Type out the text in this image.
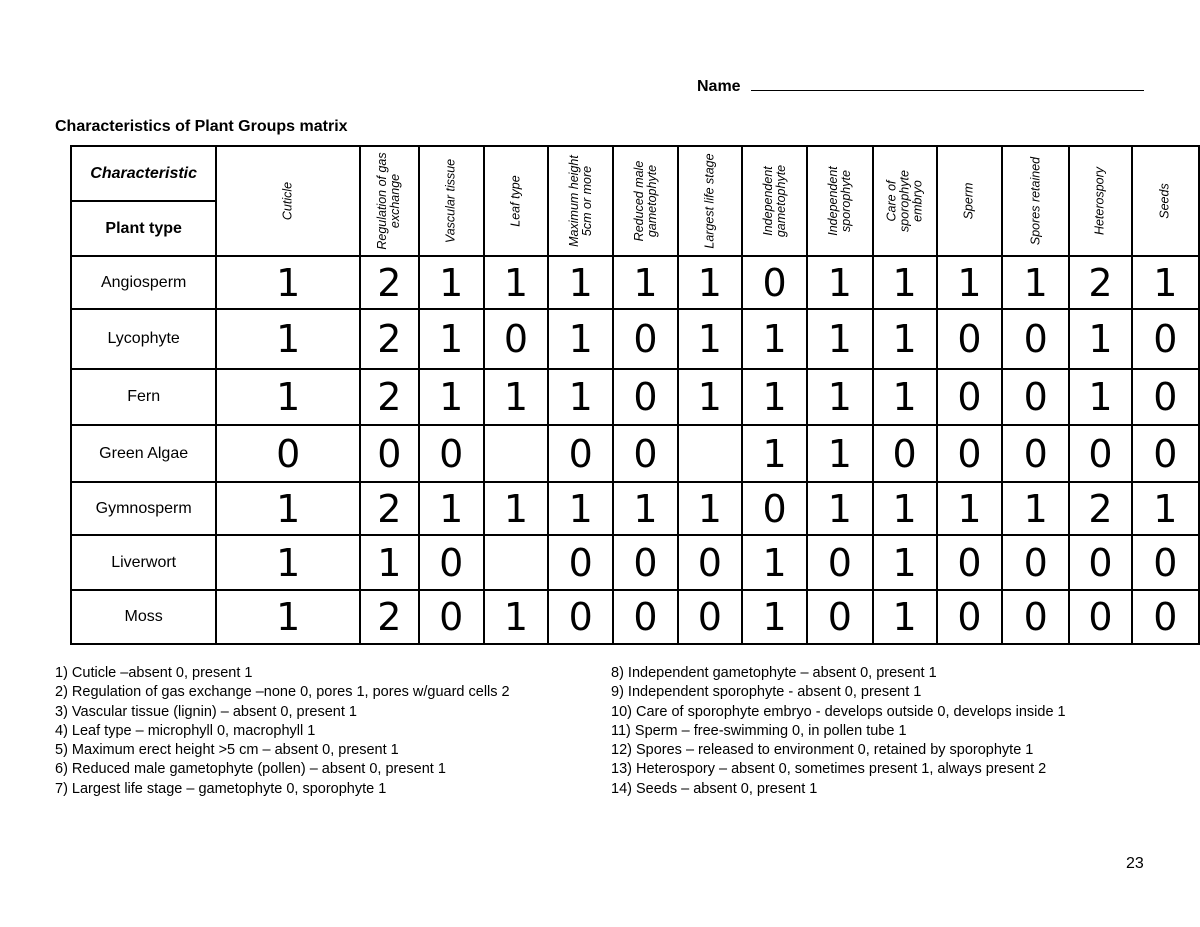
Name
Characteristics of Plant Groups matrix
Characteristic	Cuticle	Regulation of gas exchange	Vascular tissue	Leaf type	Maximum height 5cm or more	Reduced male gametophyte	Largest life stage	Independent gametophyte	Independent sporophyte	Care of sporophyte embryo	Sperm	Spores retained	Heterospory	Seeds

Plant type														
Angiosperm	1	2	1	1	1	1	1	0	1	1	1	1	2	1
Lycophyte	1	2	1	0	1	0	1	1	1	1	0	0	1	0
Fern	1	2	1	1	1	0	1	1	1	1	0	0	1	0
Green Algae	0	0	0		0	0		1	1	0	0	0	0	0
Gymnosperm	1	2	1	1	1	1	1	0	1	1	1	1	2	1
Liverwort	1	1	0		0	0	0	1	0	1	0	0	0	0
Moss	1	2	0	1	0	0	0	1	0	1	0	0	0	0
1) Cuticle –absent 0, present 1
2) Regulation of gas exchange –none 0, pores 1, pores w/guard cells 2
3) Vascular tissue (lignin) – absent 0, present 1
4) Leaf type – microphyll 0, macrophyll 1
5) Maximum erect height >5 cm – absent 0, present 1
6) Reduced male gametophyte (pollen) – absent 0, present 1
7) Largest life stage – gametophyte 0, sporophyte 1
8) Independent gametophyte – absent 0, present 1
9) Independent sporophyte - absent 0, present 1
10) Care of sporophyte embryo - develops outside 0, develops inside 1
11) Sperm – free-swimming 0, in pollen tube 1
12) Spores – released to environment 0, retained by sporophyte 1
13) Heterospory – absent 0, sometimes present 1, always present 2
14) Seeds – absent 0, present 1
23
